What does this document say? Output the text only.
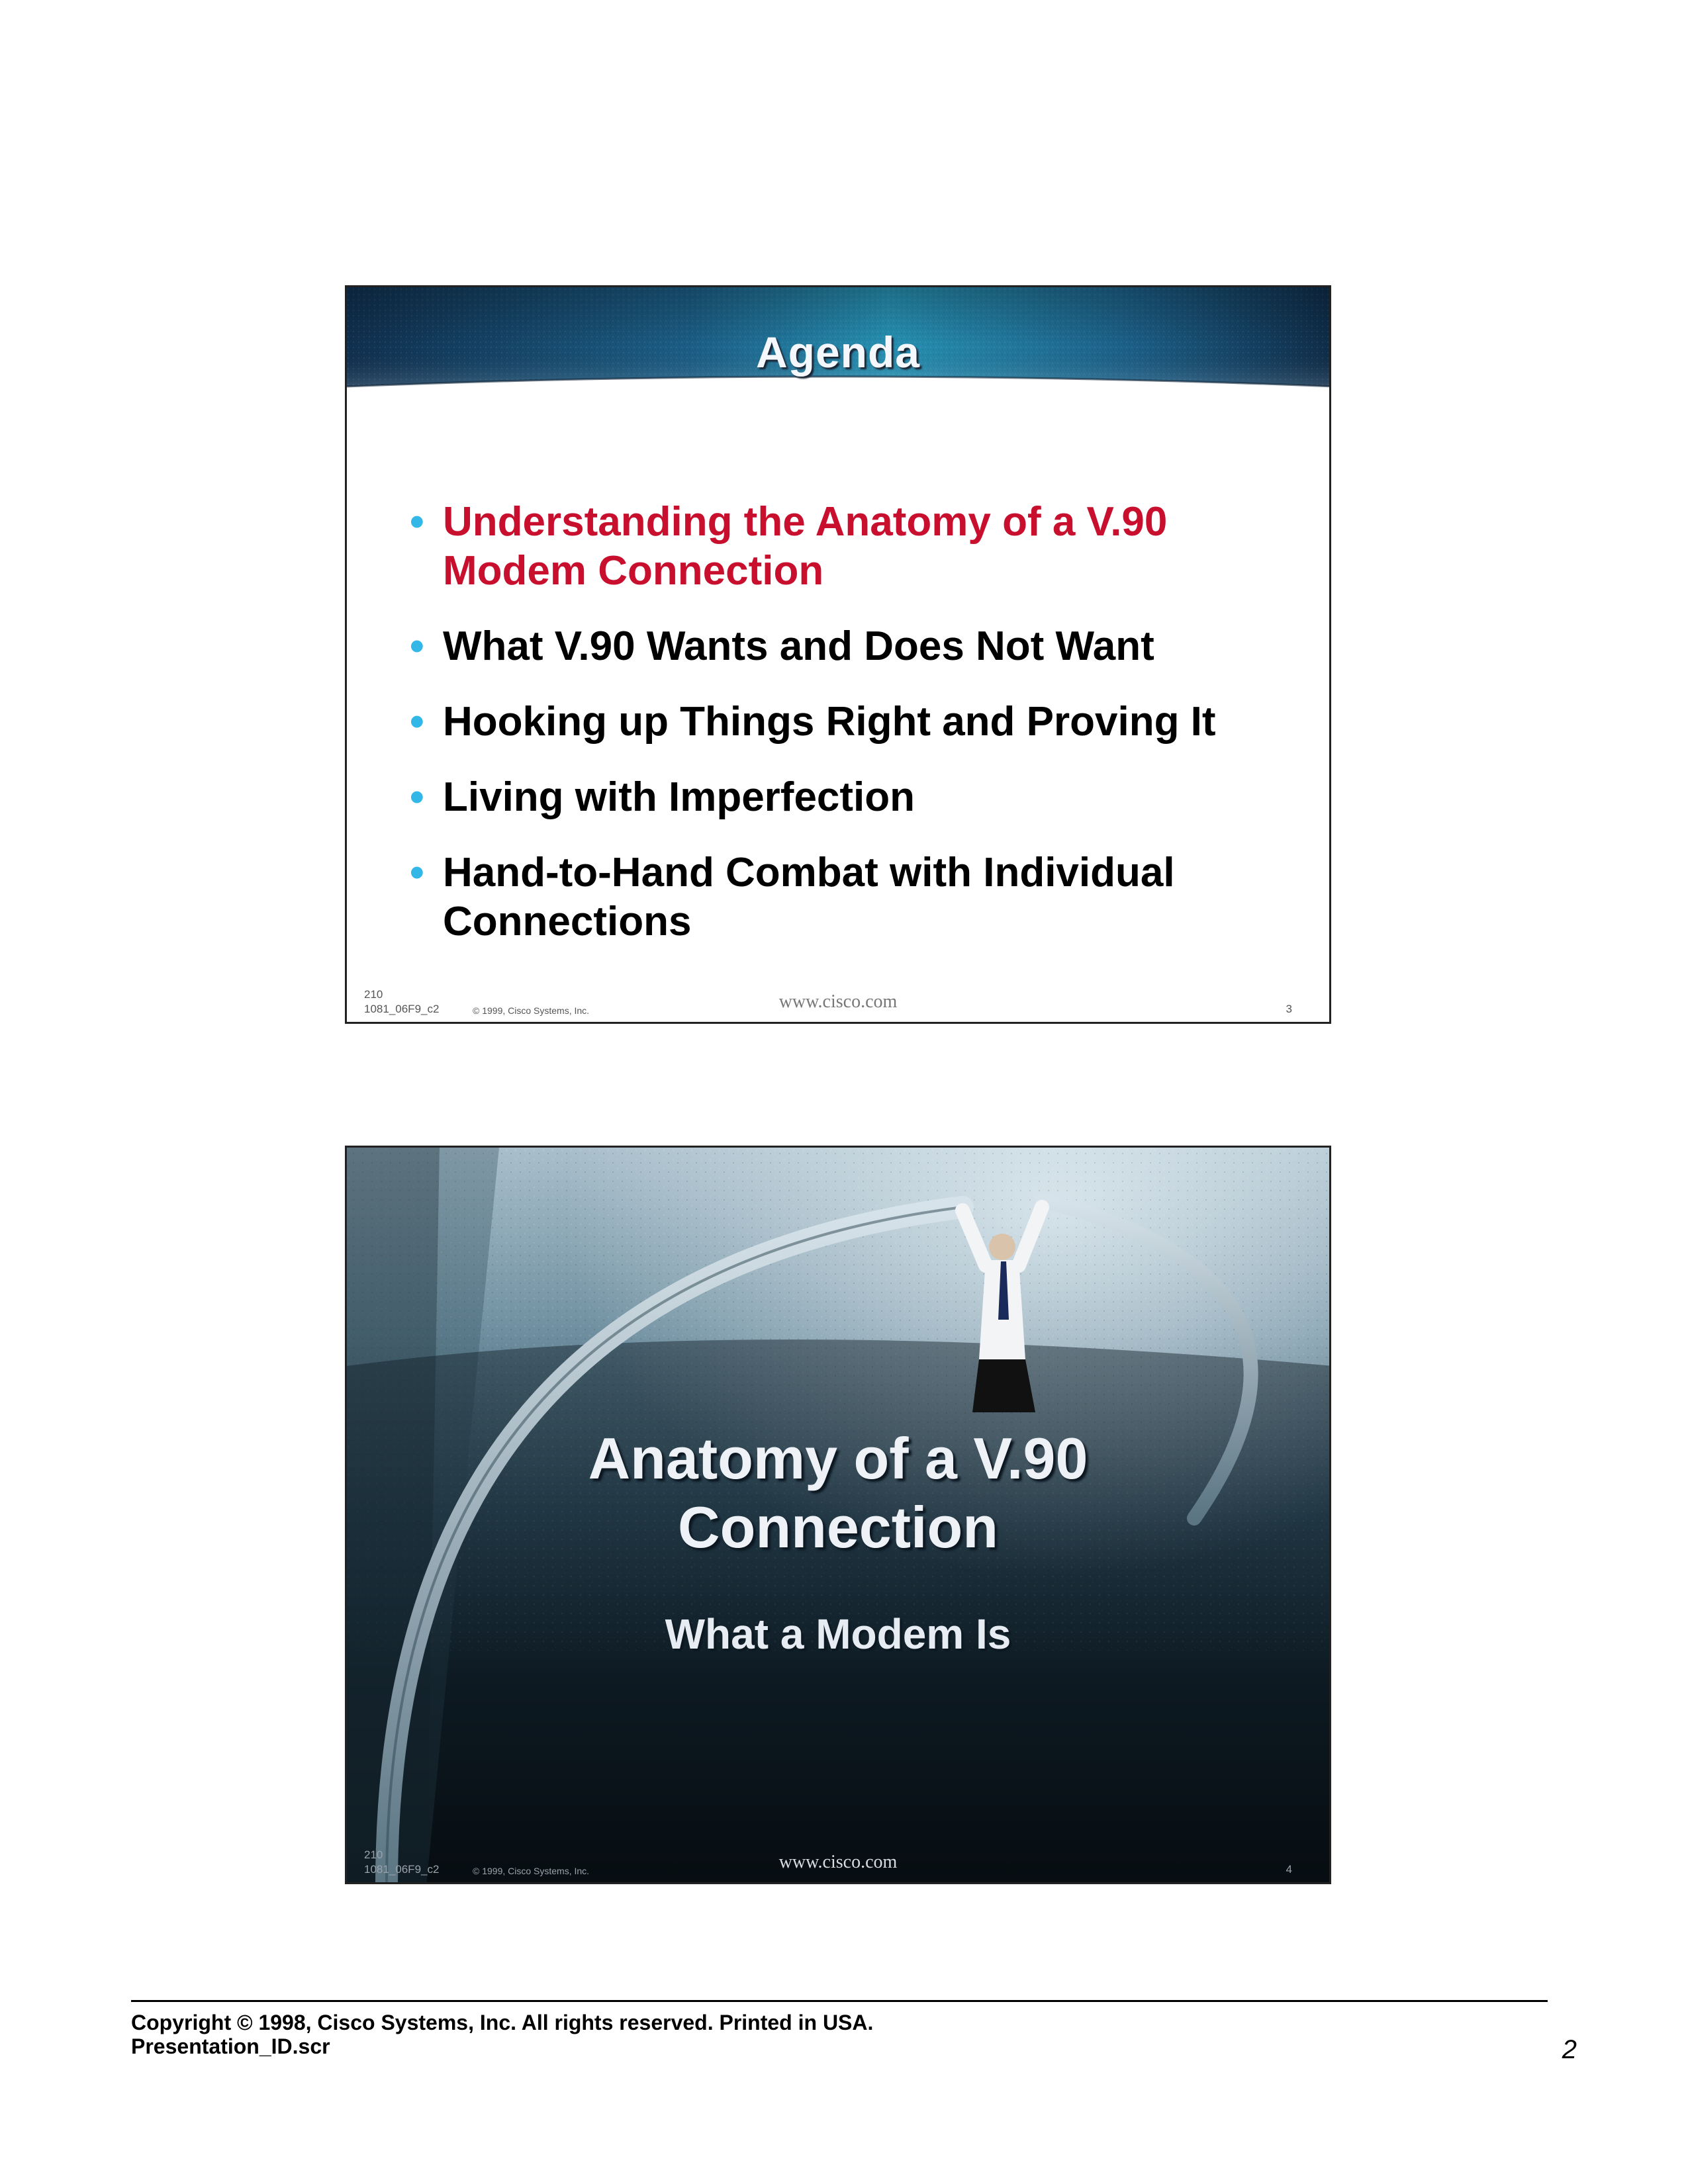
Agenda
• Understanding the Anatomy of a V.90 Modem Connection
• What V.90 Wants and Does Not Want
• Hooking up Things Right and Proving It
• Living with Imperfection
• Hand-to-Hand Combat with Individual Connections
210
1081_06F9_c2	© 1999, Cisco Systems, Inc.	www.cisco.com	3
Anatomy of a V.90
Connection
What a Modem Is
210
1081_06F9_c2	© 1999, Cisco Systems, Inc.	www.cisco.com	4
Copyright © 1998, Cisco Systems, Inc. All rights reserved. Printed in USA.
Presentation_ID.scr	2
